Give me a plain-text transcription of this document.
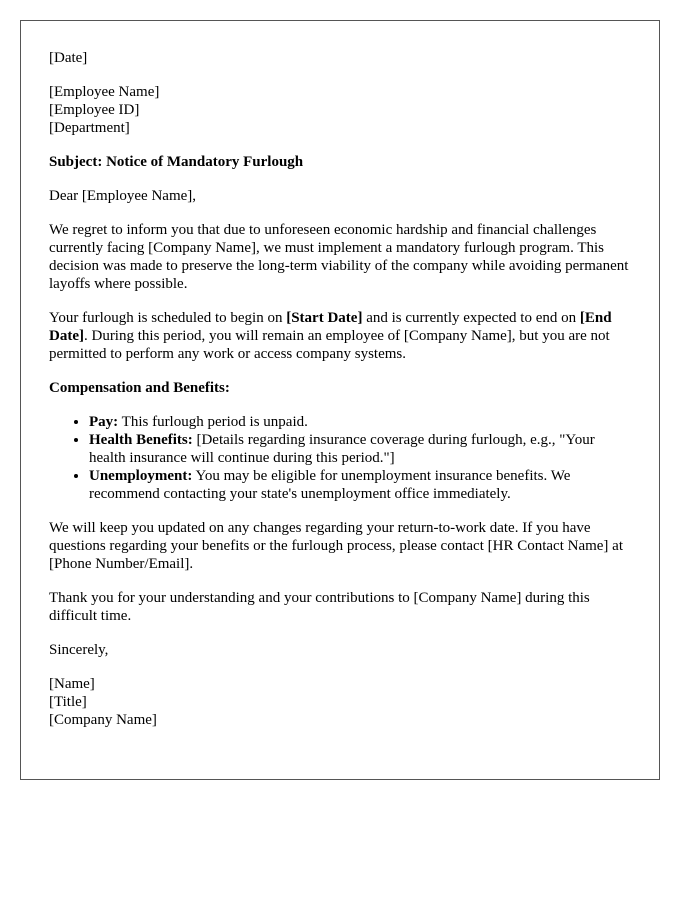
[Date]

[Employee Name]
[Employee ID]
[Department]

Subject: Notice of Mandatory Furlough

Dear [Employee Name],

We regret to inform you that due to unforeseen economic hardship and financial challenges currently facing [Company Name], we must implement a mandatory furlough program. This decision was made to preserve the long-term viability of the company while avoiding permanent layoffs where possible.

Your furlough is scheduled to begin on [Start Date] and is currently expected to end on [End Date]. During this period, you will remain an employee of [Company Name], but you are not permitted to perform any work or access company systems.

Compensation and Benefits:

• Pay: This furlough period is unpaid.
• Health Benefits: [Details regarding insurance coverage during furlough, e.g., "Your health insurance will continue during this period."]
• Unemployment: You may be eligible for unemployment insurance benefits. We recommend contacting your state's unemployment office immediately.

We will keep you updated on any changes regarding your return-to-work date. If you have questions regarding your benefits or the furlough process, please contact [HR Contact Name] at [Phone Number/Email].

Thank you for your understanding and your contributions to [Company Name] during this difficult time.

Sincerely,

[Name]
[Title]
[Company Name]
